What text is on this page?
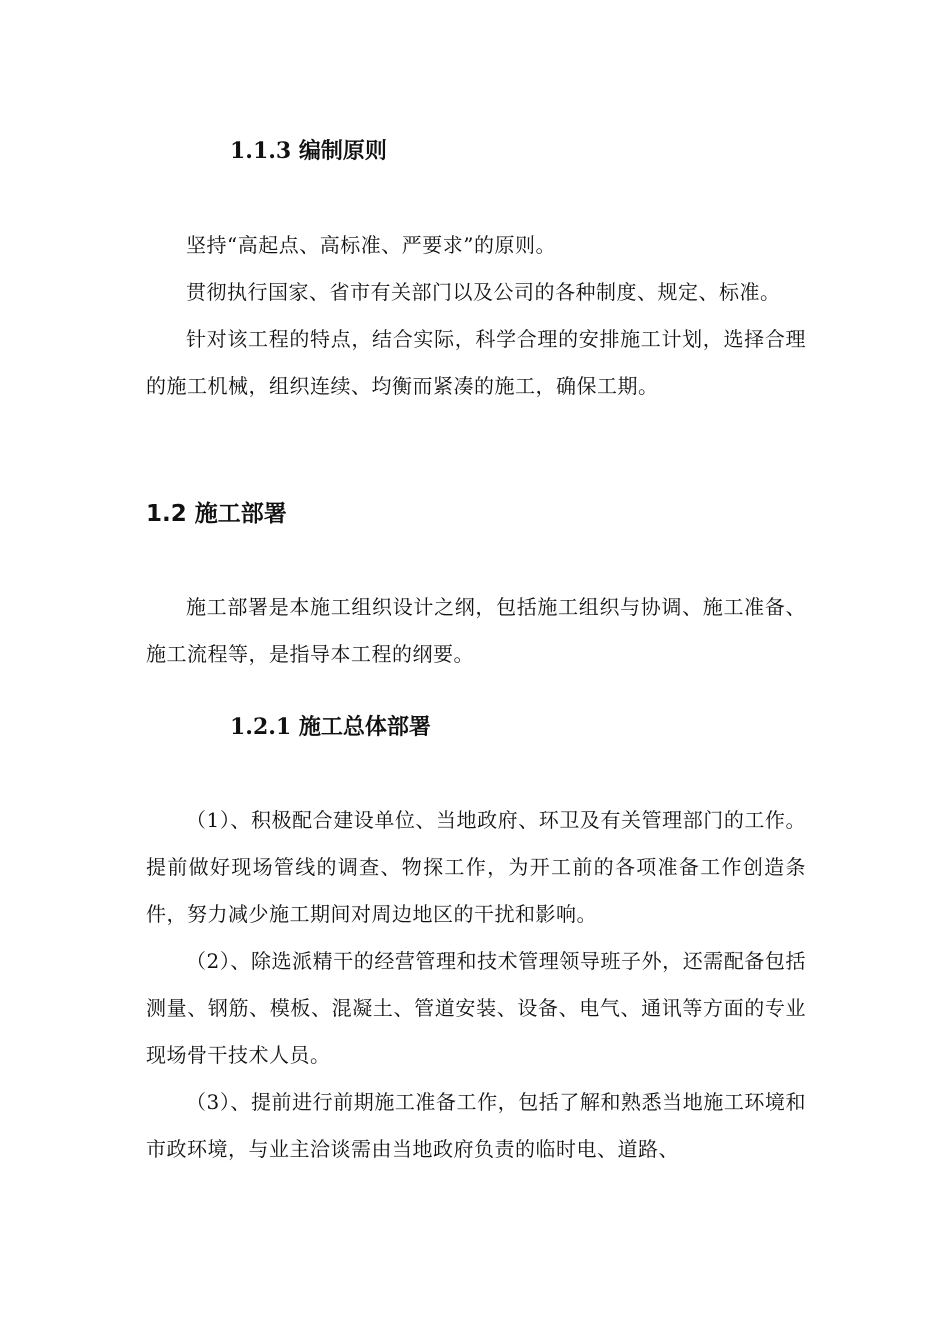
1.1.3 编制原则

坚持“高起点、高标准、严要求”的原则。

贯彻执行国家、省市有关部门以及公司的各种制度、规定、标准。

针对该工程的特点，结合实际，科学合理的安排施工计划，选择合理的施工机械，组织连续、均衡而紧凑的施工，确保工期。

1.2 施工部署

施工部署是本施工组织设计之纲，包括施工组织与协调、施工准备、施工流程等，是指导本工程的纲要。

1.2.1 施工总体部署

（1）、积极配合建设单位、当地政府、环卫及有关管理部门的工作。提前做好现场管线的调查、物探工作，为开工前的各项准备工作创造条件，努力减少施工期间对周边地区的干扰和影响。

（2）、除选派精干的经营管理和技术管理领导班子外，还需配备包括测量、钢筋、模板、混凝土、管道安装、设备、电气、通讯等方面的专业现场骨干技术人员。

（3）、提前进行前期施工准备工作，包括了解和熟悉当地施工环境和市政环境，与业主洽谈需由当地政府负责的临时电、道路、
